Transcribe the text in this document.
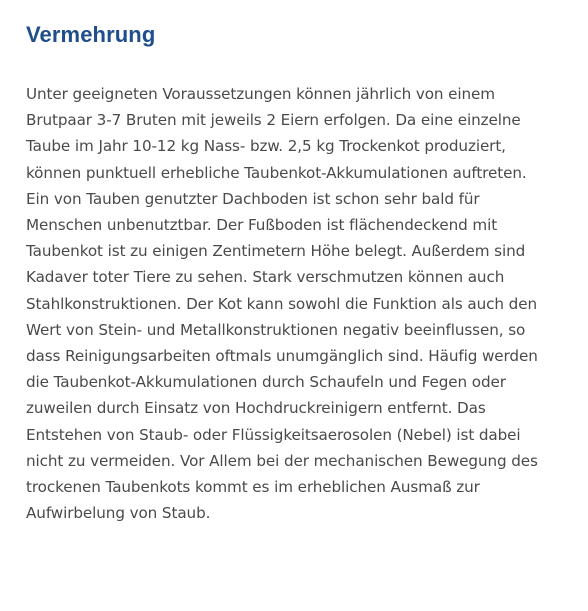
Vermehrung

Unter geeigneten Voraussetzungen können jährlich von einem
Brutpaar 3-7 Bruten mit jeweils 2 Eiern erfolgen. Da eine einzelne
Taube im Jahr 10-12 kg Nass- bzw. 2,5 kg Trockenkot produziert,
können punktuell erhebliche Taubenkot-Akkumulationen auftreten.
Ein von Tauben genutzter Dachboden ist schon sehr bald für
Menschen unbenutztbar. Der Fußboden ist flächendeckend mit
Taubenkot ist zu einigen Zentimetern Höhe belegt. Außerdem sind
Kadaver toter Tiere zu sehen. Stark verschmutzen können auch
Stahlkonstruktionen. Der Kot kann sowohl die Funktion als auch den
Wert von Stein- und Metallkonstruktionen negativ beeinflussen, so
dass Reinigungsarbeiten oftmals unumgänglich sind. Häufig werden
die Taubenkot-Akkumulationen durch Schaufeln und Fegen oder
zuweilen durch Einsatz von Hochdruckreinigern entfernt. Das
Entstehen von Staub- oder Flüssigkeitsaerosolen (Nebel) ist dabei
nicht zu vermeiden. Vor Allem bei der mechanischen Bewegung des
trockenen Taubenkots kommt es im erheblichen Ausmaß zur
Aufwirbelung von Staub.
